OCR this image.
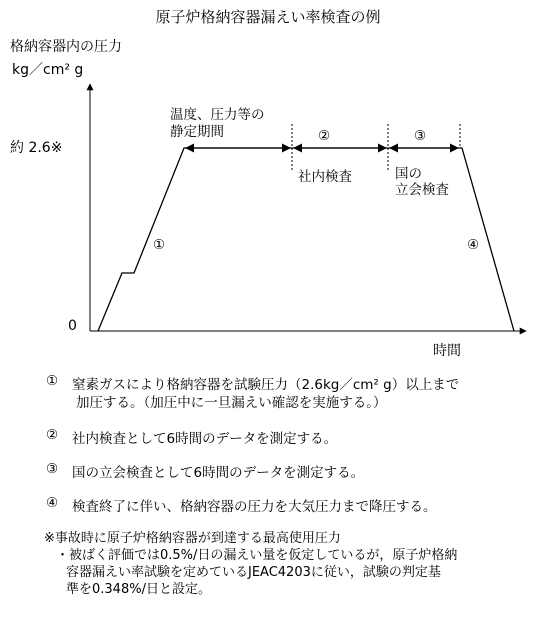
原子炉格納容器漏えい率検査の例
格納容器内の圧力
kg／cm² g
約 2.6※
0
時間
温度、圧力等の
静定期間	②
社内検査
③
国の
立会検査
①	④
① 窒素ガスにより格納容器を試験圧力（2.6kg／cm² g）以上まで
加圧する。（加圧中に一旦漏えい確認を実施する。）
② 社内検査として6時間のデータを測定する。
③ 国の立会検査として6時間のデータを測定する。
④ 検査終了に伴い、格納容器の圧力を大気圧力まで降圧する。
※事故時に原子炉格納容器が到達する最高使用圧力
・被ばく評価では0.5%/日の漏えい量を仮定しているが，原子炉格納
容器漏えい率試験を定めているJEAC4203に従い，試験の判定基
準を0.348%/日と設定。
